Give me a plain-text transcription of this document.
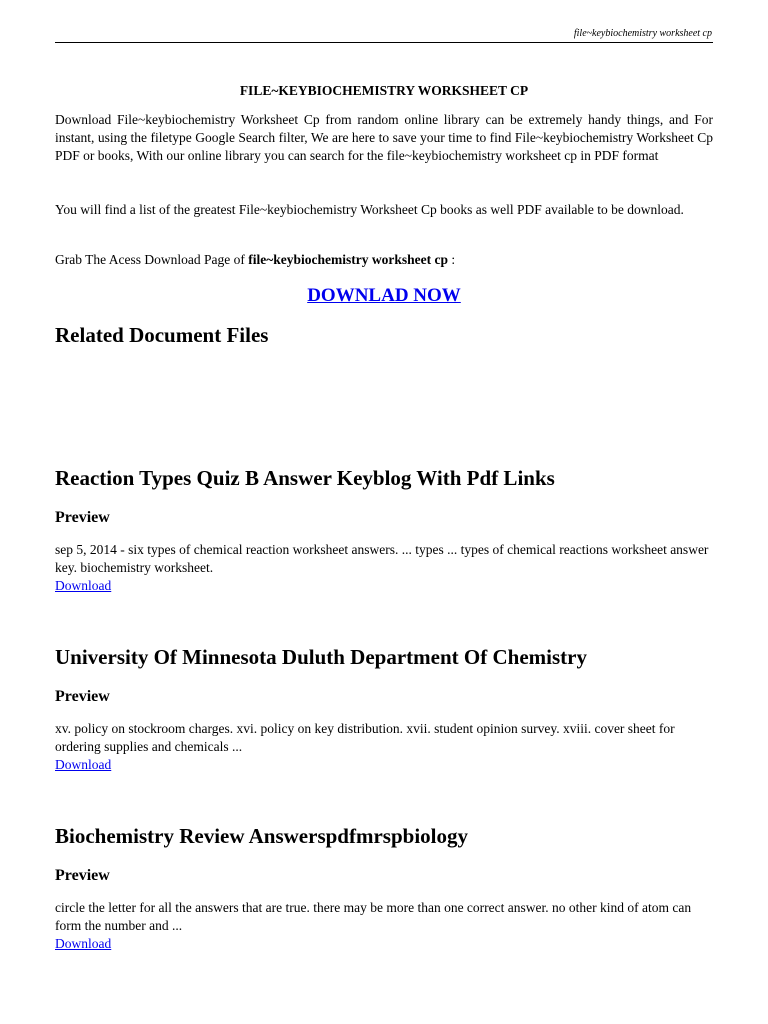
file~keybiochemistry worksheet cp
FILE~KEYBIOCHEMISTRY WORKSHEET CP

Download File~keybiochemistry Worksheet Cp from random online library can be extremely handy things, and For instant, using the filetype Google Search filter, We are here to save your time to find File~keybiochemistry Worksheet Cp PDF or books, With our online library you can search for the file~keybiochemistry worksheet cp in PDF format

You will find a list of the greatest File~keybiochemistry Worksheet Cp books as well PDF available to be download.

Grab The Acess Download Page of file~keybiochemistry worksheet cp :

DOWNLAD NOW
Related Document Files
Reaction Types Quiz B Answer Keyblog With Pdf Links
Preview
sep 5, 2014 - six types of chemical reaction worksheet answers. ... types ... types of chemical reactions worksheet answer key. biochemistry worksheet.
Download
University Of Minnesota Duluth Department Of Chemistry
Preview
xv. policy on stockroom charges. xvi. policy on key distribution. xvii. student opinion survey. xviii. cover sheet for ordering supplies and chemicals ...
Download
Biochemistry Review Answerspdfmrspbiology
Preview
circle the letter for all the answers that are true. there may be more than one correct answer. no other kind of atom can form the number and ...
Download
